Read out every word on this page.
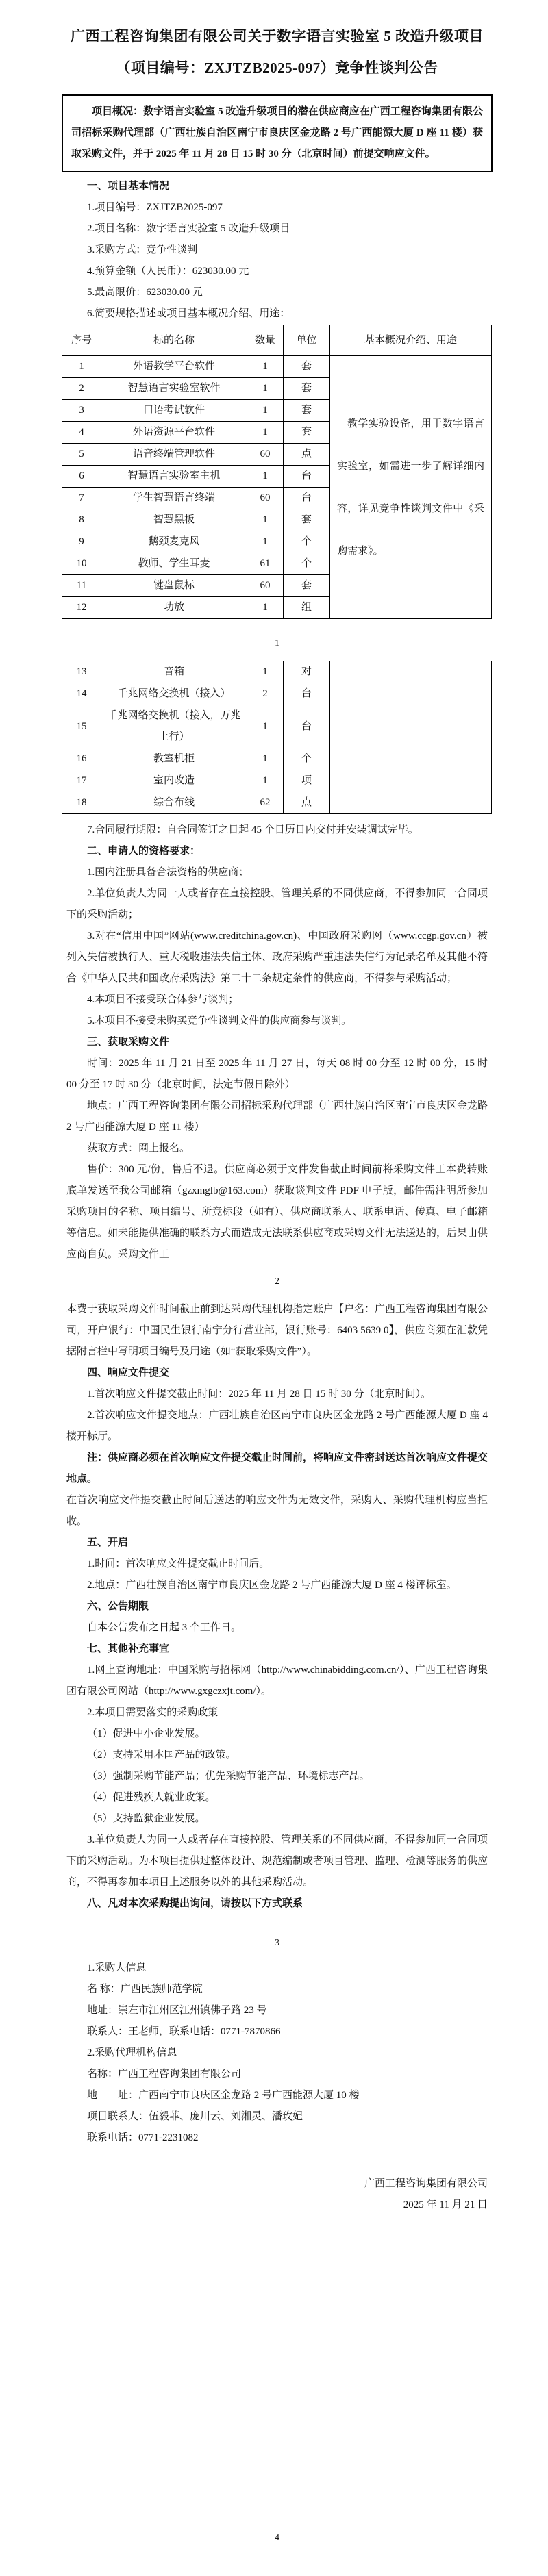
广西工程咨询集团有限公司关于数字语言实验室 5 改造升级项目
（项目编号：ZXJTZB2025-097）竞争性谈判公告
项目概况：数字语言实验室 5 改造升级项目的潜在供应商应在广西工程咨询集团有限公司招标采购代理部（广西壮族自治区南宁市良庆区金龙路 2 号广西能源大厦 D 座 11 楼）获取采购文件，并于 2025 年 11 月 28 日 15 时 30 分（北京时间）前提交响应文件。

一、项目基本情况

1.项目编号：ZXJTZB2025-097

2.项目名称：数字语言实验室 5 改造升级项目

3.采购方式：竞争性谈判

4.预算金额（人民币）：623030.00 元

5.最高限价：623030.00 元

6.简要规格描述或项目基本概况介绍、用途：

序号	标的名称	数量	单位	基本概况介绍、用途
1	外语教学平台软件	1	套	教学实验设备，用于数字语言实验室，如需进一步了解详细内容，详见竞争性谈判文件中《采购需求》。
2	智慧语言实验室软件	1	套	
3	口语考试软件	1	套	
4	外语资源平台软件	1	套	
5	语音终端管理软件	60	点	
6	智慧语言实验室主机	1	台	
7	学生智慧语言终端	60	台	
8	智慧黑板	1	套	
9	鹅颈麦克风	1	个	
10	教师、学生耳麦	61	个	
11	键盘鼠标	60	套	
12	功放	1	组	
1
13	音箱	1	对	
14	千兆网络交换机（接入）	2	台	
15	千兆网络交换机（接入，万兆上行）	1	台	
16	教室机柜	1	个	
17	室内改造	1	项	
18	综合布线	62	点	

7.合同履行期限：自合同签订之日起 45 个日历日内交付并安装调试完毕。

二、申请人的资格要求：

1.国内注册具备合法资格的供应商；

2.单位负责人为同一人或者存在直接控股、管理关系的不同供应商，不得参加同一合同项下的采购活动；

3.对在“信用中国”网站(www.creditchina.gov.cn)、中国政府采购网（www.ccgp.gov.cn）被列入失信被执行人、重大税收违法失信主体、政府采购严重违法失信行为记录名单及其他不符合《中华人民共和国政府采购法》第二十二条规定条件的供应商，不得参与采购活动；

4.本项目不接受联合体参与谈判；

5.本项目不接受未购买竞争性谈判文件的供应商参与谈判。

三、获取采购文件

时间：2025 年 11 月 21 日至 2025 年 11 月 27 日，每天 08 时 00 分至 12 时 00 分，15 时 00 分至 17 时 30 分（北京时间，法定节假日除外）

地点：广西工程咨询集团有限公司招标采购代理部（广西壮族自治区南宁市良庆区金龙路 2 号广西能源大厦 D 座 11 楼）

获取方式：网上报名。

售价：300 元/份，售后不退。供应商必须于文件发售截止时间前将采购文件工本费转账底单发送至我公司邮箱（gzxmglb@163.com）获取谈判文件 PDF 电子版，邮件需注明所参加采购项目的名称、项目编号、所竞标段（如有）、供应商联系人、联系电话、传真、电子邮箱等信息。如未能提供准确的联系方式而造成无法联系供应商或采购文件无法送达的，后果由供应商自负。采购文件工

2

本费于获取采购文件时间截止前到达采购代理机构指定账户【户名：广西工程咨询集团有限公司，开户银行：中国民生银行南宁分行营业部，银行账号：6403 5639 0】，供应商须在汇款凭据附言栏中写明项目编号及用途（如“获取采购文件”）。

四、响应文件提交

1.首次响应文件提交截止时间：2025 年 11 月 28 日 15 时 30 分（北京时间）。

2.首次响应文件提交地点：广西壮族自治区南宁市良庆区金龙路 2 号广西能源大厦 D 座 4 楼开标厅。

注：供应商必须在首次响应文件提交截止时间前，将响应文件密封送达首次响应文件提交地点。

在首次响应文件提交截止时间后送达的响应文件为无效文件，采购人、采购代理机构应当拒收。

五、开启

1.时间：首次响应文件提交截止时间后。

2.地点：广西壮族自治区南宁市良庆区金龙路 2 号广西能源大厦 D 座 4 楼评标室。

六、公告期限

自本公告发布之日起 3 个工作日。

七、其他补充事宜

1.网上查询地址：中国采购与招标网（http://www.chinabidding.com.cn/）、广西工程咨询集团有限公司网站（http://www.gxgczxjt.com/）。

2.本项目需要落实的采购政策

（1）促进中小企业发展。

（2）支持采用本国产品的政策。

（3）强制采购节能产品；优先采购节能产品、环境标志产品。

（4）促进残疾人就业政策。

（5）支持监狱企业发展。

3.单位负责人为同一人或者存在直接控股、管理关系的不同供应商，不得参加同一合同项下的采购活动。为本项目提供过整体设计、规范编制或者项目管理、监理、检测等服务的供应商，不得再参加本项目上述服务以外的其他采购活动。

八、凡对本次采购提出询问，请按以下方式联系

3

1.采购人信息

名 称：广西民族师范学院

地址：崇左市江州区江州镇佛子路 23 号

联系人：王老师，联系电话：0771-7870866

2.采购代理机构信息

名称：广西工程咨询集团有限公司

地　　址：广西南宁市良庆区金龙路 2 号广西能源大厦 10 楼

项目联系人：伍毅菲、庞川云、刘湘灵、潘玫妃

联系电话：0771-2231082

广西工程咨询集团有限公司
2025 年 11 月 21 日
4
